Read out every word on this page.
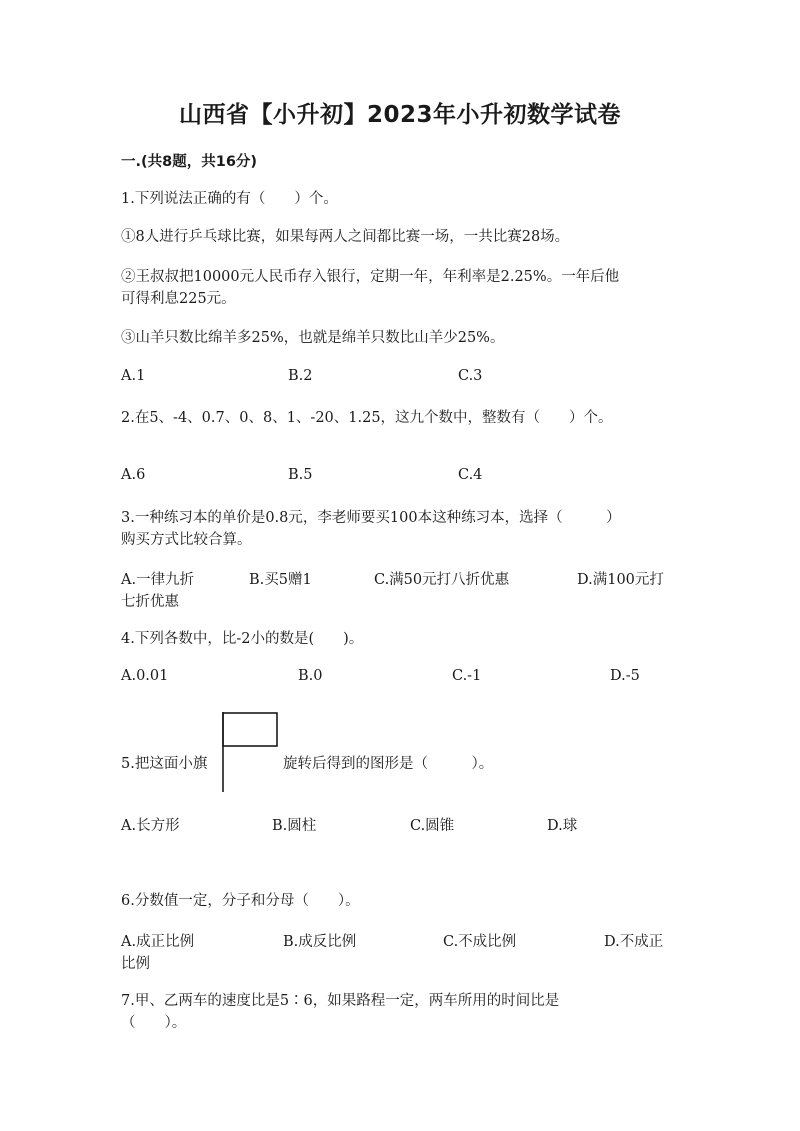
山西省【小升初】2023年小升初数学试卷
一.(共8题，共16分)
1.下列说法正确的有（　　）个。
①8人进行乒乓球比赛，如果每两人之间都比赛一场，一共比赛28场。
②王叔叔把10000元人民币存入银行，定期一年，年利率是2.25%。一年后他
可得利息225元。
③山羊只数比绵羊多25%，也就是绵羊只数比山羊少25%。
A.1	B.2	C.3
2.在5、-4、0.7、0、8、1、-20、1.25，这九个数中，整数有（　　）个。
A.6	B.5	C.4
3.一种练习本的单价是0.8元，李老师要买100本这种练习本，选择（　　　）
购买方式比较合算。
A.一律九折	B.买5赠1	C.满50元打八折优惠	D.满100元打
七折优惠
4.下列各数中，比-2小的数是(　　)。
A.0.01	B.0	C.-1	D.-5
5.把这面小旗	旋转后得到的图形是（　　　）。
A.长方形	B.圆柱	C.圆锥	D.球
6.分数值一定，分子和分母（　　）。
A.成正比例	B.成反比例	C.不成比例	D.不成正
比例
7.甲、乙两车的速度比是5∶6，如果路程一定，两车所用的时间比是
（　　）。
